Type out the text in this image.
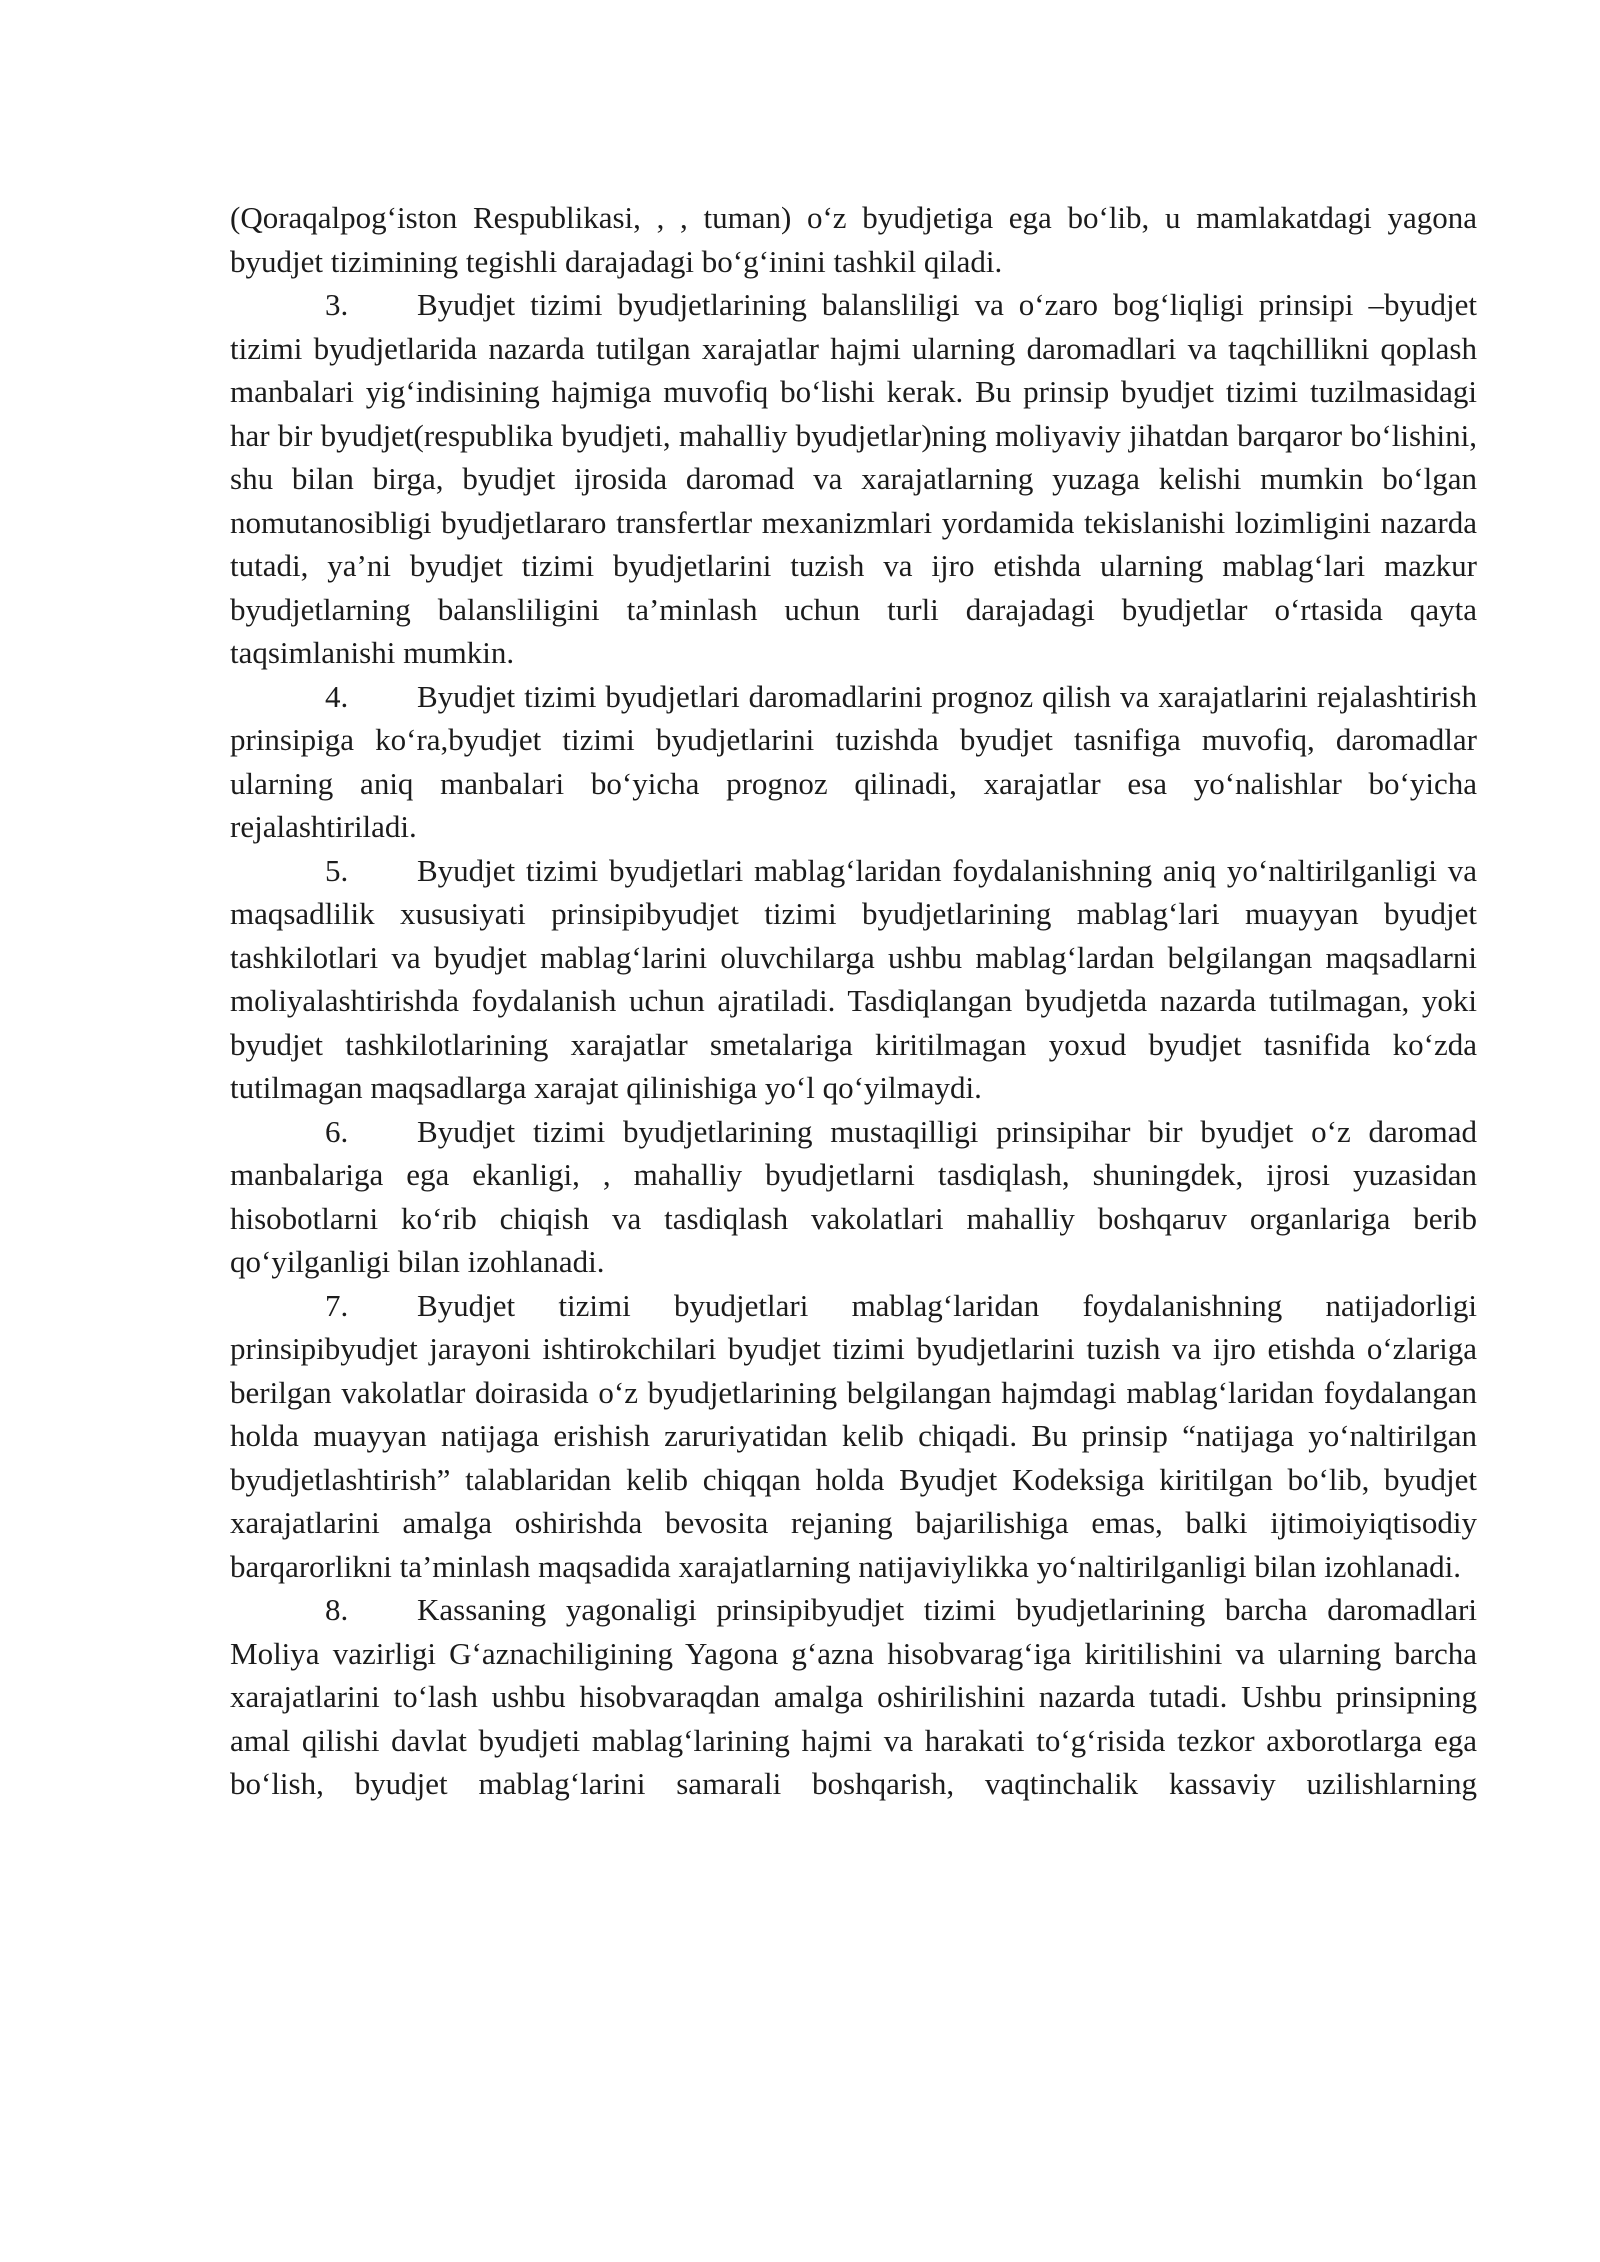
(Qoraqalpog‘iston Respublikasi, , , tuman) o‘z byudjetiga ega bo‘lib, u mamlakatdagi yagona byudjet tizimining tegishli darajadagi bo‘g‘inini tashkil qiladi.

3. Byudjet tizimi byudjetlarining balansliligi va o‘zaro bog‘liqligi prinsipi –byudjet tizimi byudjetlarida nazarda tutilgan xarajatlar hajmi ularning daromadlari va taqchillikni qoplash manbalari yig‘indisining hajmiga muvofiq bo‘lishi kerak. Bu prinsip byudjet tizimi tuzilmasidagi har bir byudjet(respublika byudjeti, mahalliy byudjetlar)ning moliyaviy jihatdan barqaror bo‘lishini, shu bilan birga, byudjet ijrosida daromad va xarajatlarning yuzaga kelishi mumkin bo‘lgan nomutanosibligi byudjetlararo transfertlar mexanizmlari yordamida tekislanishi lozimligini nazarda tutadi, ya’ni byudjet tizimi byudjetlarini tuzish va ijro etishda ularning mablag‘lari mazkur byudjetlarning balansliligini ta’minlash uchun turli darajadagi byudjetlar o‘rtasida qayta taqsimlanishi mumkin.

4. Byudjet tizimi byudjetlari daromadlarini prognoz qilish va xarajatlarini rejalashtirish prinsipiga ko‘ra,byudjet tizimi byudjetlarini tuzishda byudjet tasnifiga muvofiq, daromadlar ularning aniq manbalari bo‘yicha prognoz qilinadi, xarajatlar esa yo‘nalishlar bo‘yicha rejalashtiriladi.

5. Byudjet tizimi byudjetlari mablag‘laridan foydalanishning aniq yo‘naltirilganligi va maqsadlilik xususiyati prinsipibyudjet tizimi byudjetlarining mablag‘lari muayyan byudjet tashkilotlari va byudjet mablag‘larini oluvchilarga ushbu mablag‘lardan belgilangan maqsadlarni moliyalashtirishda foydalanish uchun ajratiladi. Tasdiqlangan byudjetda nazarda tutilmagan, yoki byudjet tashkilotlarining xarajatlar smetalariga kiritilmagan yoxud byudjet tasnifida ko‘zda tutilmagan maqsadlarga xarajat qilinishiga yo‘l qo‘yilmaydi.

6. Byudjet tizimi byudjetlarining mustaqilligi prinsipihar bir byudjet o‘z daromad manbalariga ega ekanligi, , mahalliy byudjetlarni tasdiqlash, shuningdek, ijrosi yuzasidan hisobotlarni ko‘rib chiqish va tasdiqlash vakolatlari mahalliy boshqaruv organlariga berib qo‘yilganligi bilan izohlanadi.

7. Byudjet tizimi byudjetlari mablag‘laridan foydalanishning natijadorligi prinsipibyudjet jarayoni ishtirokchilari byudjet tizimi byudjetlarini tuzish va ijro etishda o‘zlariga berilgan vakolatlar doirasida o‘z byudjetlarining belgilangan hajmdagi mablag‘laridan foydalangan holda muayyan natijaga erishish zaruriyatidan kelib chiqadi. Bu prinsip “natijaga yo‘naltirilgan byudjetlashtirish” talablaridan kelib chiqqan holda Byudjet Kodeksiga kiritilgan bo‘lib, byudjet xarajatlarini amalga oshirishda bevosita rejaning bajarilishiga emas, balki ijtimoiyiqtisodiy barqarorlikni ta’minlash maqsadida xarajatlarning natijaviylikka yo‘naltirilganligi bilan izohlanadi.

8. Kassaning yagonaligi prinsipibyudjet tizimi byudjetlarining barcha daromadlari Moliya vazirligi G‘aznachiligining Yagona g‘azna hisobvarag‘iga kiritilishini va ularning barcha xarajatlarini to‘lash ushbu hisobvaraqdan amalga oshirilishini nazarda tutadi. Ushbu prinsipning amal qilishi davlat byudjeti mablag‘larining hajmi va harakati to‘g‘risida tezkor axborotlarga ega bo‘lish, byudjet mablag‘larini samarali boshqarish, vaqtinchalik kassaviy uzilishlarning
